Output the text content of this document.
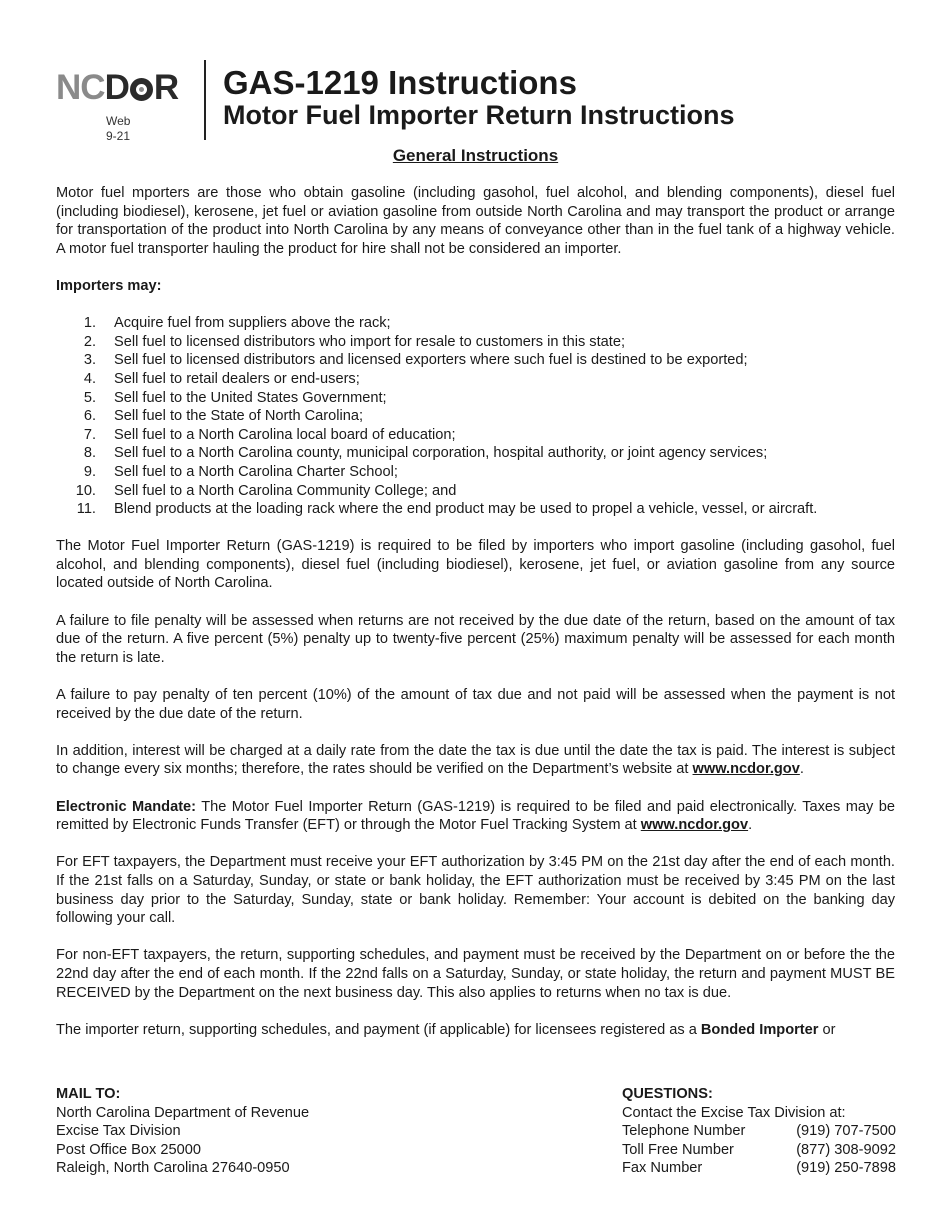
NCD R
Web
9-21
GAS-1219 Instructions
Motor Fuel Importer Return Instructions
General Instructions

Motor fuel mporters are those who obtain gasoline (including gasohol, fuel alcohol, and blending components), diesel fuel (including biodiesel), kerosene, jet fuel or aviation gasoline from outside North Carolina and may transport the product or arrange for transportation of the product into North Carolina by any means of conveyance other than in the fuel tank of a highway vehicle. A motor fuel transporter hauling the product for hire shall not be considered an importer.

Importers may:

1. Acquire fuel from suppliers above the rack;
2. Sell fuel to licensed distributors who import for resale to customers in this state;
3. Sell fuel to licensed distributors and licensed exporters where such fuel is destined to be exported;
4. Sell fuel to retail dealers or end-users;
5. Sell fuel to the United States Government;
6. Sell fuel to the State of North Carolina;
7. Sell fuel to a North Carolina local board of education;
8. Sell fuel to a North Carolina county, municipal corporation, hospital authority, or joint agency services;
9. Sell fuel to a North Carolina Charter School;
10. Sell fuel to a North Carolina Community College; and
11. Blend products at the loading rack where the end product may be used to propel a vehicle, vessel, or aircraft.

The Motor Fuel Importer Return (GAS-1219) is required to be filed by importers who import gasoline (including gasohol, fuel alcohol, and blending components), diesel fuel (including biodiesel), kerosene, jet fuel, or aviation gasoline from any source located outside of North Carolina.

A failure to file penalty will be assessed when returns are not received by the due date of the return, based on the amount of tax due of the return. A five percent (5%) penalty up to twenty-five percent (25%) maximum penalty will be assessed for each month the return is late.

A failure to pay penalty of ten percent (10%) of the amount of tax due and not paid will be assessed when the payment is not received by the due date of the return.

In addition, interest will be charged at a daily rate from the date the tax is due until the date the tax is paid. The interest is subject to change every six months; therefore, the rates should be verified on the Department’s website at www.ncdor.gov.

Electronic Mandate: The Motor Fuel Importer Return (GAS-1219) is required to be filed and paid electronically. Taxes may be remitted by Electronic Funds Transfer (EFT) or through the Motor Fuel Tracking System at www.ncdor.gov.

For EFT taxpayers, the Department must receive your EFT authorization by 3:45 PM on the 21st day after the end of each month. If the 21st falls on a Saturday, Sunday, or state or bank holiday, the EFT authorization must be received by 3:45 PM on the last business day prior to the Saturday, Sunday, state or bank holiday. Remember: Your account is debited on the banking day following your call.

For non-EFT taxpayers, the return, supporting schedules, and payment must be received by the Department on or before the the 22nd day after the end of each month. If the 22nd falls on a Saturday, Sunday, or state holiday, the return and payment MUST BE RECEIVED by the Department on the next business day. This also applies to returns when no tax is due.

The importer return, supporting schedules, and payment (if applicable) for licensees registered as a Bonded Importer or

MAIL TO:
North Carolina Department of Revenue
Excise Tax Division
Post Office Box 25000
Raleigh, North Carolina 27640-0950
QUESTIONS:
Contact the Excise Tax Division at:
Telephone Number	(919) 707-7500
Toll Free Number	(877) 308-9092
Fax Number	(919) 250-7898
